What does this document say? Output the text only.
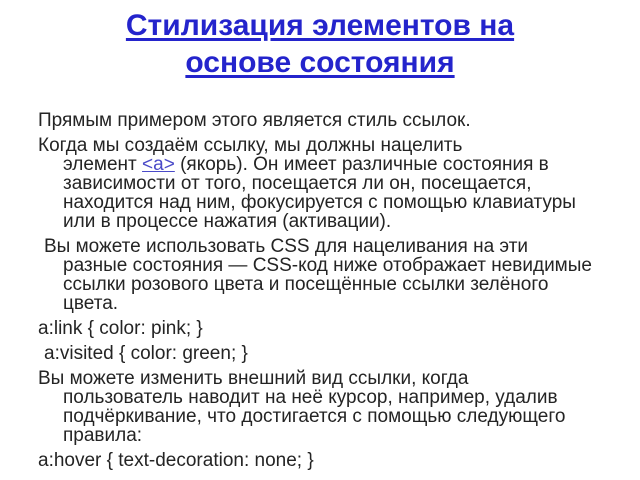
Стилизация элементов на
основе состояния
Прямым примером этого является стиль ссылок.
Когда мы создаём ссылку, мы должны нацелить
элемент <a> (якорь). Он имеет различные состояния в
зависимости от того, посещается ли он, посещается,
находится над ним, фокусируется с помощью клавиатуры
или в процессе нажатия (активации).
Вы можете использовать CSS для нацеливания на эти
разные состояния — CSS-код ниже отображает невидимые
ссылки розового цвета и посещённые ссылки зелёного
цвета.
a:link { color: pink; }
a:visited { color: green; }
Вы можете изменить внешний вид ссылки, когда
пользователь наводит на неё курсор, например, удалив
подчёркивание, что достигается с помощью следующего
правила:
a:hover { text-decoration: none; }
